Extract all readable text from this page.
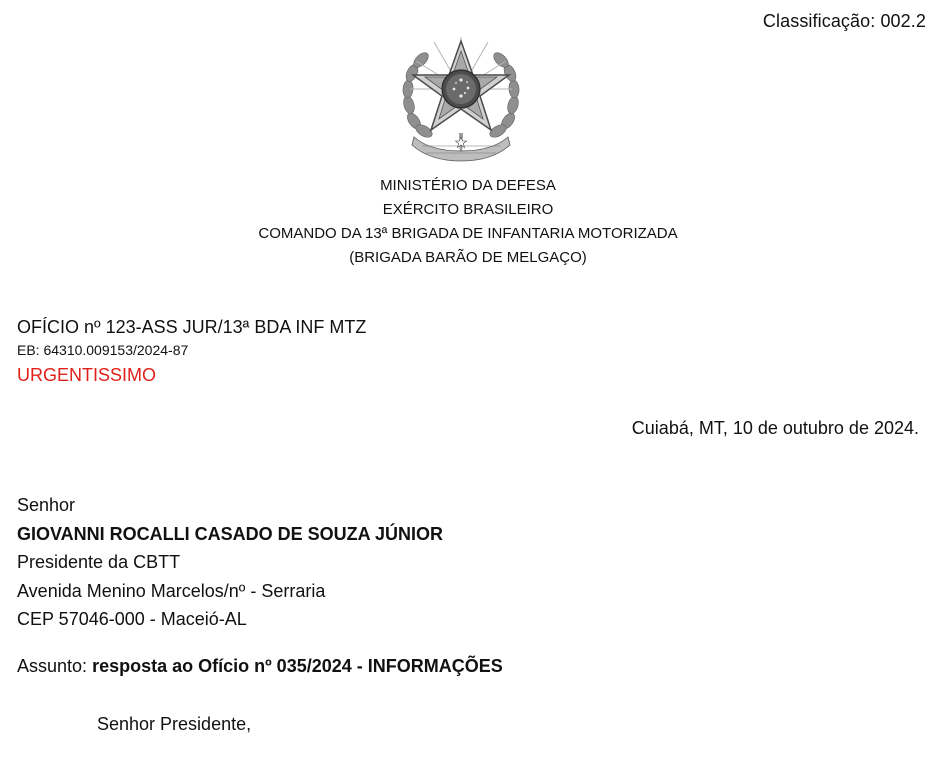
Classificação: 002.2
MINISTÉRIO DA DEFESA
EXÉRCITO BRASILEIRO
COMANDO DA 13ª BRIGADA DE INFANTARIA MOTORIZADA
(BRIGADA BARÃO DE MELGAÇO)
OFÍCIO nº 123-ASS JUR/13ª BDA INF MTZ
EB: 64310.009153/2024-87
URGENTISSIMO
Cuiabá, MT, 10 de outubro de 2024.
Senhor
GIOVANNI ROCALLI CASADO DE SOUZA JÚNIOR
Presidente da CBTT
Avenida Menino Marcelos/nº - Serraria
CEP 57046-000 - Maceió-AL
Assunto: resposta ao Ofício nº 035/2024 - INFORMAÇÕES
Senhor Presidente,
